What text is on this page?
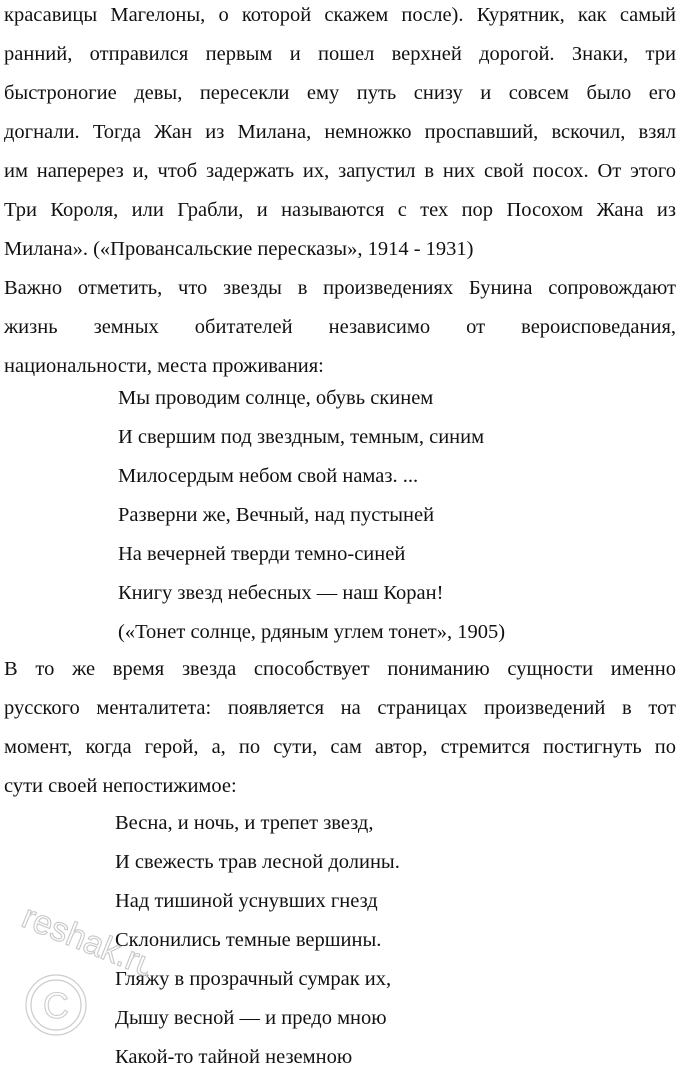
красавицы Магелоны, о которой скажем после). Курятник, как самый
ранний, отправился первым и пошел верхней дорогой. Знаки, три
быстроногие девы, пересекли ему путь снизу и совсем было его
догнали. Тогда Жан из Милана, немножко проспавший, вскочил, взял
им наперерез и, чтоб задержать их, запустил в них свой посох. От этого
Три Короля, или Грабли, и называются с тех пор Посохом Жана из
Милана». («Провансальские пересказы», 1914 - 1931)
Важно отметить, что звезды в произведениях Бунина сопровождают
жизнь земных обитателей независимо от вероисповедания,
национальности, места проживания:
Мы проводим солнце, обувь скинем
И свершим под звездным, темным, синим
Милосердым небом свой намаз. ...
Разверни же, Вечный, над пустыней
На вечерней тверди темно-синей
Книгу звезд небесных — наш Коран!
(«Тонет солнце, рдяным углем тонет», 1905)
В то же время звезда способствует пониманию сущности именно
русского менталитета: появляется на страницах произведений в тот
момент, когда герой, а, по сути, сам автор, стремится постигнуть по
сути своей непостижимое:
Весна, и ночь, и трепет звезд,
И свежесть трав лесной долины.
Над тишиной уснувших гнезд
Склонились темные вершины.
Гляжу в прозрачный сумрак их,
Дышу весной — и предо мною
Какой-то тайной неземною
reshak.ru
C
